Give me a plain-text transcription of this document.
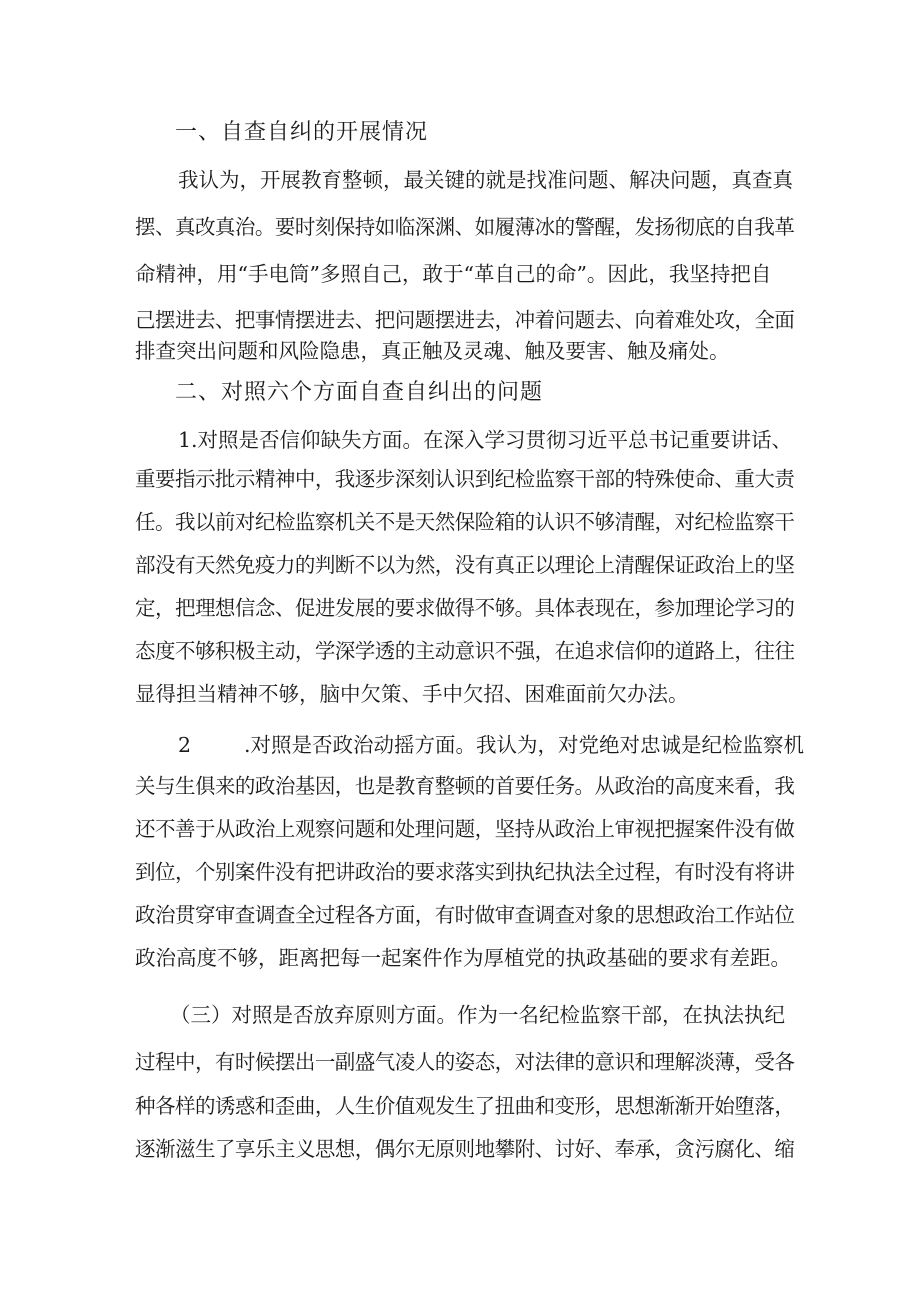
一、自查自纠的开展情况
我认为，开展教育整顿，最关键的就是找准问题、解决问题，真查真
摆、真改真治。要时刻保持如临深渊、如履薄冰的警醒，发扬彻底的自我革
命精神，用“手电筒”多照自己，敢于“革自己的命”。因此，我坚持把自
己摆进去、把事情摆进去、把问题摆进去，冲着问题去、向着难处攻，全面
排查突出问题和风险隐患，真正触及灵魂、触及要害、触及痛处。
二、对照六个方面自查自纠出的问题
1.对照是否信仰缺失方面。在深入学习贯彻习近平总书记重要讲话、
重要指示批示精神中，我逐步深刻认识到纪检监察干部的特殊使命、重大责
任。我以前对纪检监察机关不是天然保险箱的认识不够清醒，对纪检监察干
部没有天然免疫力的判断不以为然，没有真正以理论上清醒保证政治上的坚
定，把理想信念、促进发展的要求做得不够。具体表现在，参加理论学习的
态度不够积极主动，学深学透的主动意识不强，在追求信仰的道路上，往往
显得担当精神不够，脑中欠策、手中欠招、困难面前欠办法。
2	.对照是否政治动摇方面。我认为，对党绝对忠诚是纪检监察机
关与生俱来的政治基因，也是教育整顿的首要任务。从政治的高度来看，我
还不善于从政治上观察问题和处理问题，坚持从政治上审视把握案件没有做
到位，个别案件没有把讲政治的要求落实到执纪执法全过程，有时没有将讲
政治贯穿审查调查全过程各方面，有时做审查调查对象的思想政治工作站位
政治高度不够，距离把每一起案件作为厚植党的执政基础的要求有差距。
（三）对照是否放弃原则方面。作为一名纪检监察干部，在执法执纪
过程中，有时候摆出一副盛气凌人的姿态，对法律的意识和理解淡薄，受各
种各样的诱惑和歪曲，人生价值观发生了扭曲和变形，思想渐渐开始堕落，
逐渐滋生了享乐主义思想，偶尔无原则地攀附、讨好、奉承，贪污腐化、缩
